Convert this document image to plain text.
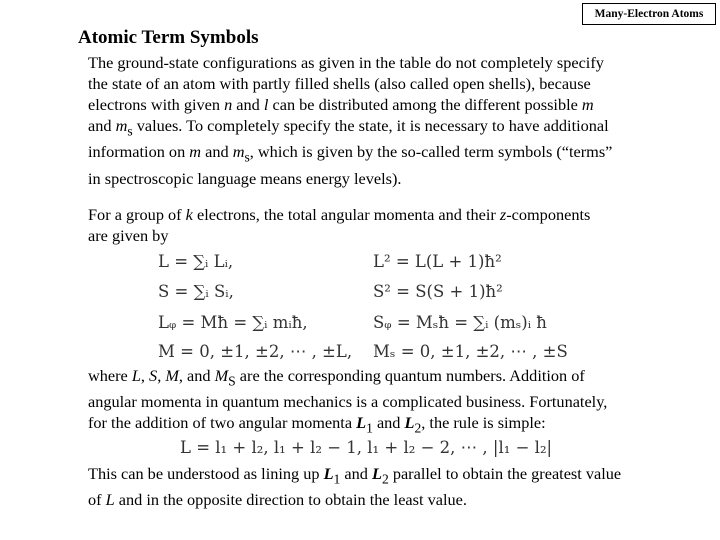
Many-Electron Atoms
Atomic Term Symbols
The ground-state configurations as given in the table do not completely specify
the state of an atom with partly filled shells (also called open shells), because
electrons with given n and l can be distributed among the different possible m
and $m_s$ values. To completely specify the state, it is necessary to have additional
information on m and $m_s$, which is given by the so-called term symbols (“terms”
in spectroscopic language means energy levels).
For a group of k electrons, the total angular momenta and their z-components
are given by
L = ∑ᵢ Lᵢ,	L² = L(L + 1)ħ²
S = ∑ᵢ Sᵢ,	S² = S(S + 1)ħ²
Lᵩ = Mħ = ∑ᵢ mᵢħ,	Sᵩ = Mₛħ = ∑ᵢ (mₛ)ᵢ ħ
M = 0, ±1, ±2, ⋯ , ±L, Mₛ = 0, ±1, ±2, ⋯ , ±S
where L, S, M, and $M_S$ are the corresponding quantum numbers. Addition of
angular momenta in quantum mechanics is a complicated business. Fortunately,
for the addition of two angular momenta $L_1$ and $L_2$, the rule is simple:
L = l₁ + l₂, l₁ + l₂ − 1, l₁ + l₂ − 2, ⋯ , |l₁ − l₂|
This can be understood as lining up $L_1$ and $L_2$ parallel to obtain the greatest value
of L and in the opposite direction to obtain the least value.
